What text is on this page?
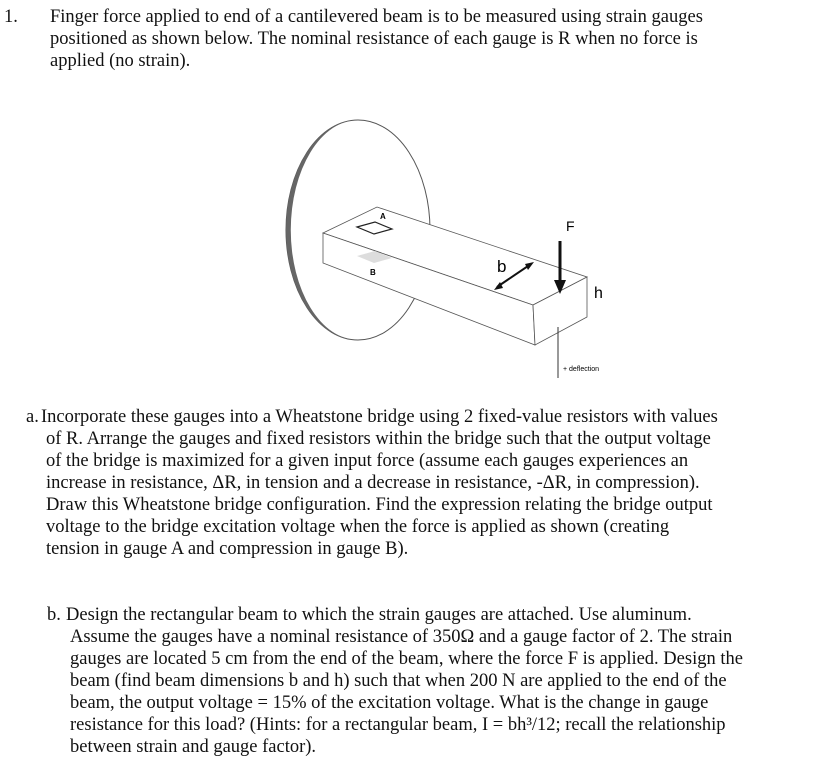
1. Finger force applied to end of a cantilevered beam is to be measured using strain gauges
positioned as shown below. The nominal resistance of each gauge is R when no force is
applied (no strain).
A
B
F
h
b
+ deflection
a. Incorporate these gauges into a Wheatstone bridge using 2 fixed-value resistors with values
of R. Arrange the gauges and fixed resistors within the bridge such that the output voltage
of the bridge is maximized for a given input force (assume each gauges experiences an
increase in resistance, ΔR, in tension and a decrease in resistance, -ΔR, in compression).
Draw this Wheatstone bridge configuration. Find the expression relating the bridge output
voltage to the bridge excitation voltage when the force is applied as shown (creating
tension in gauge A and compression in gauge B).
b. Design the rectangular beam to which the strain gauges are attached. Use aluminum.
Assume the gauges have a nominal resistance of 350Ω and a gauge factor of 2. The strain
gauges are located 5 cm from the end of the beam, where the force F is applied. Design the
beam (find beam dimensions b and h) such that when 200 N are applied to the end of the
beam, the output voltage = 15% of the excitation voltage. What is the change in gauge
resistance for this load? (Hints: for a rectangular beam, I = bh³/12; recall the relationship
between strain and gauge factor).
